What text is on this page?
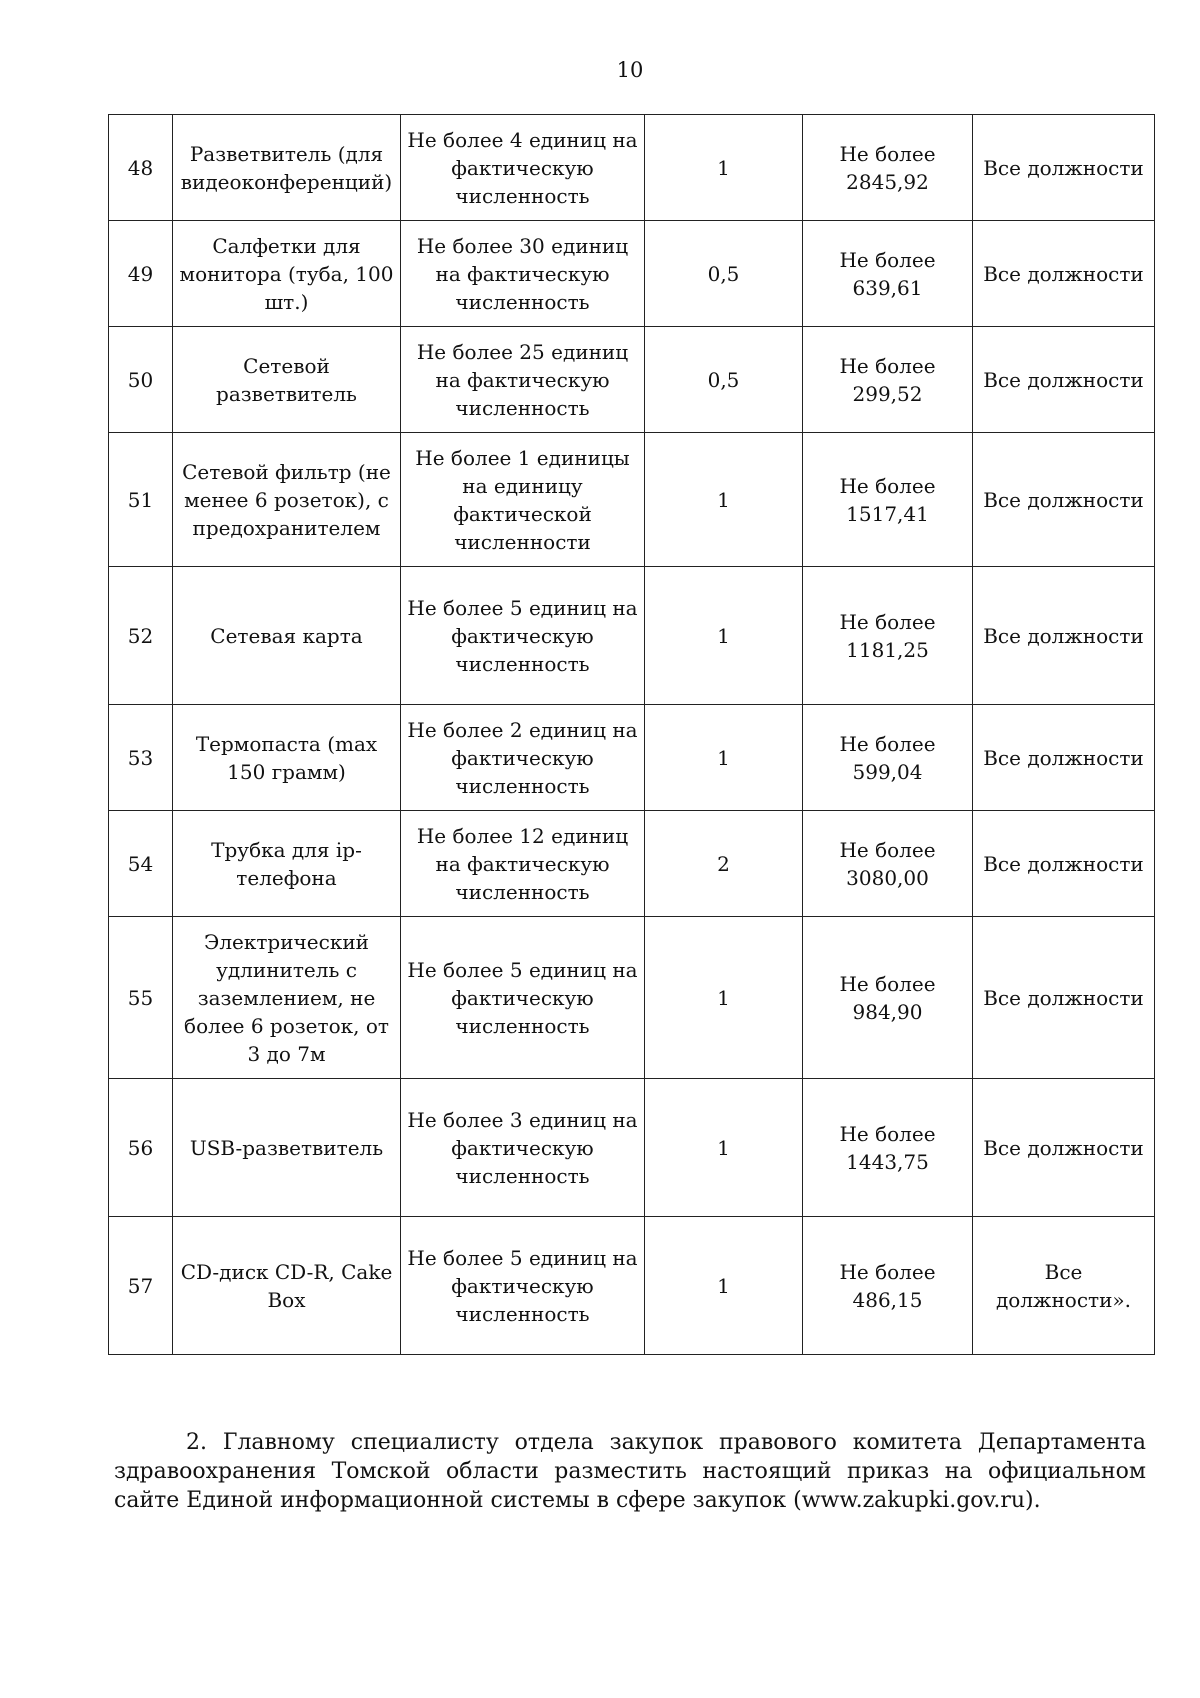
10
48	Разветвитель (для видеоконференций)	Не более 4 единиц на фактическую численность	1	Не более 2845,92	Все должности
49	Салфетки для монитора (туба, 100 шт.)	Не более 30 единиц на фактическую численность	0,5	Не более 639,61	Все должности
50	Сетевой разветвитель	Не более 25 единиц на фактическую численность	0,5	Не более 299,52	Все должности
51	Сетевой фильтр (не менее 6 розеток), с предохранителем	Не более 1 единицы на единицу фактической численности	1	Не более 1517,41	Все должности
52	Сетевая карта	Не более 5 единиц на фактическую численность	1	Не более 1181,25	Все должности
53	Термопаста (max 150 грамм)	Не более 2 единиц на фактическую численность	1	Не более 599,04	Все должности
54	Трубка для ip-телефона	Не более 12 единиц на фактическую численность	2	Не более 3080,00	Все должности
55	Электрический удлинитель с заземлением, не более 6 розеток, от 3 до 7м	Не более 5 единиц на фактическую численность	1	Не более 984,90	Все должности
56	USB-разветвитель	Не более 3 единиц на фактическую численность	1	Не более 1443,75	Все должности
57	CD-диск CD-R, Cake Box	Не более 5 единиц на фактическую численность	1	Не более 486,15	Все должности».

2. Главному специалисту отдела закупок правового комитета Департамента здравоохранения Томской области разместить настоящий приказ на официальном сайте Единой информационной системы в сфере закупок (www.zakupki.gov.ru).
